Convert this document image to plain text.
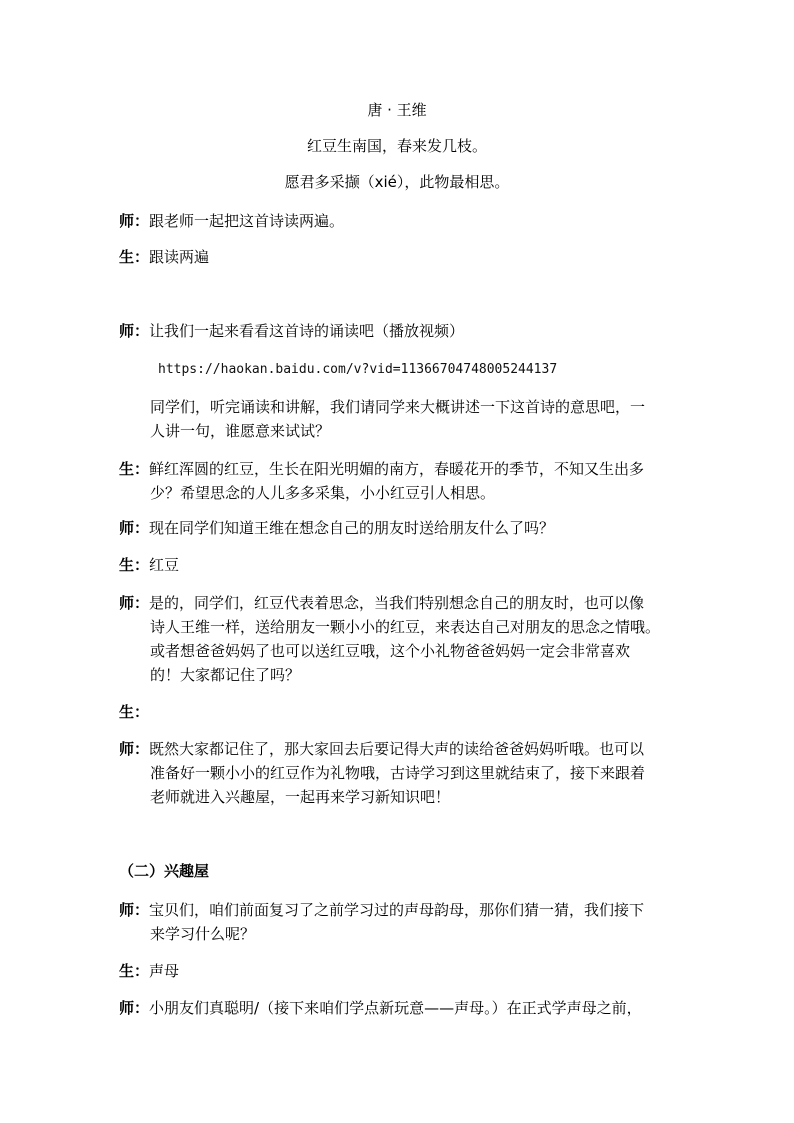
唐 · 王维
红豆生南国，春来发几枝。
愿君多采撷（xié），此物最相思。
师：跟老师一起把这首诗读两遍。
生：跟读两遍
师：让我们一起来看看这首诗的诵读吧（播放视频）
https://haokan.baidu.com/v?vid=11366704748005244137
同学们，听完诵读和讲解，我们请同学来大概讲述一下这首诗的意思吧，一
人讲一句，谁愿意来试试？
生：鲜红浑圆的红豆，生长在阳光明媚的南方，春暖花开的季节，不知又生出多
少？希望思念的人儿多多采集，小小红豆引人相思。
师：现在同学们知道王维在想念自己的朋友时送给朋友什么了吗？
生：红豆
师：是的，同学们，红豆代表着思念，当我们特别想念自己的朋友时，也可以像
诗人王维一样，送给朋友一颗小小的红豆，来表达自己对朋友的思念之情哦。
或者想爸爸妈妈了也可以送红豆哦，这个小礼物爸爸妈妈一定会非常喜欢
的！大家都记住了吗？
生：
师：既然大家都记住了，那大家回去后要记得大声的读给爸爸妈妈听哦。也可以
准备好一颗小小的红豆作为礼物哦，古诗学习到这里就结束了，接下来跟着
老师就进入兴趣屋，一起再来学习新知识吧！
（二）兴趣屋
师：宝贝们，咱们前面复习了之前学习过的声母韵母，那你们猜一猜，我们接下
来学习什么呢？
生：声母
师：小朋友们真聪明/（接下来咱们学点新玩意——声母。）在正式学声母之前，
